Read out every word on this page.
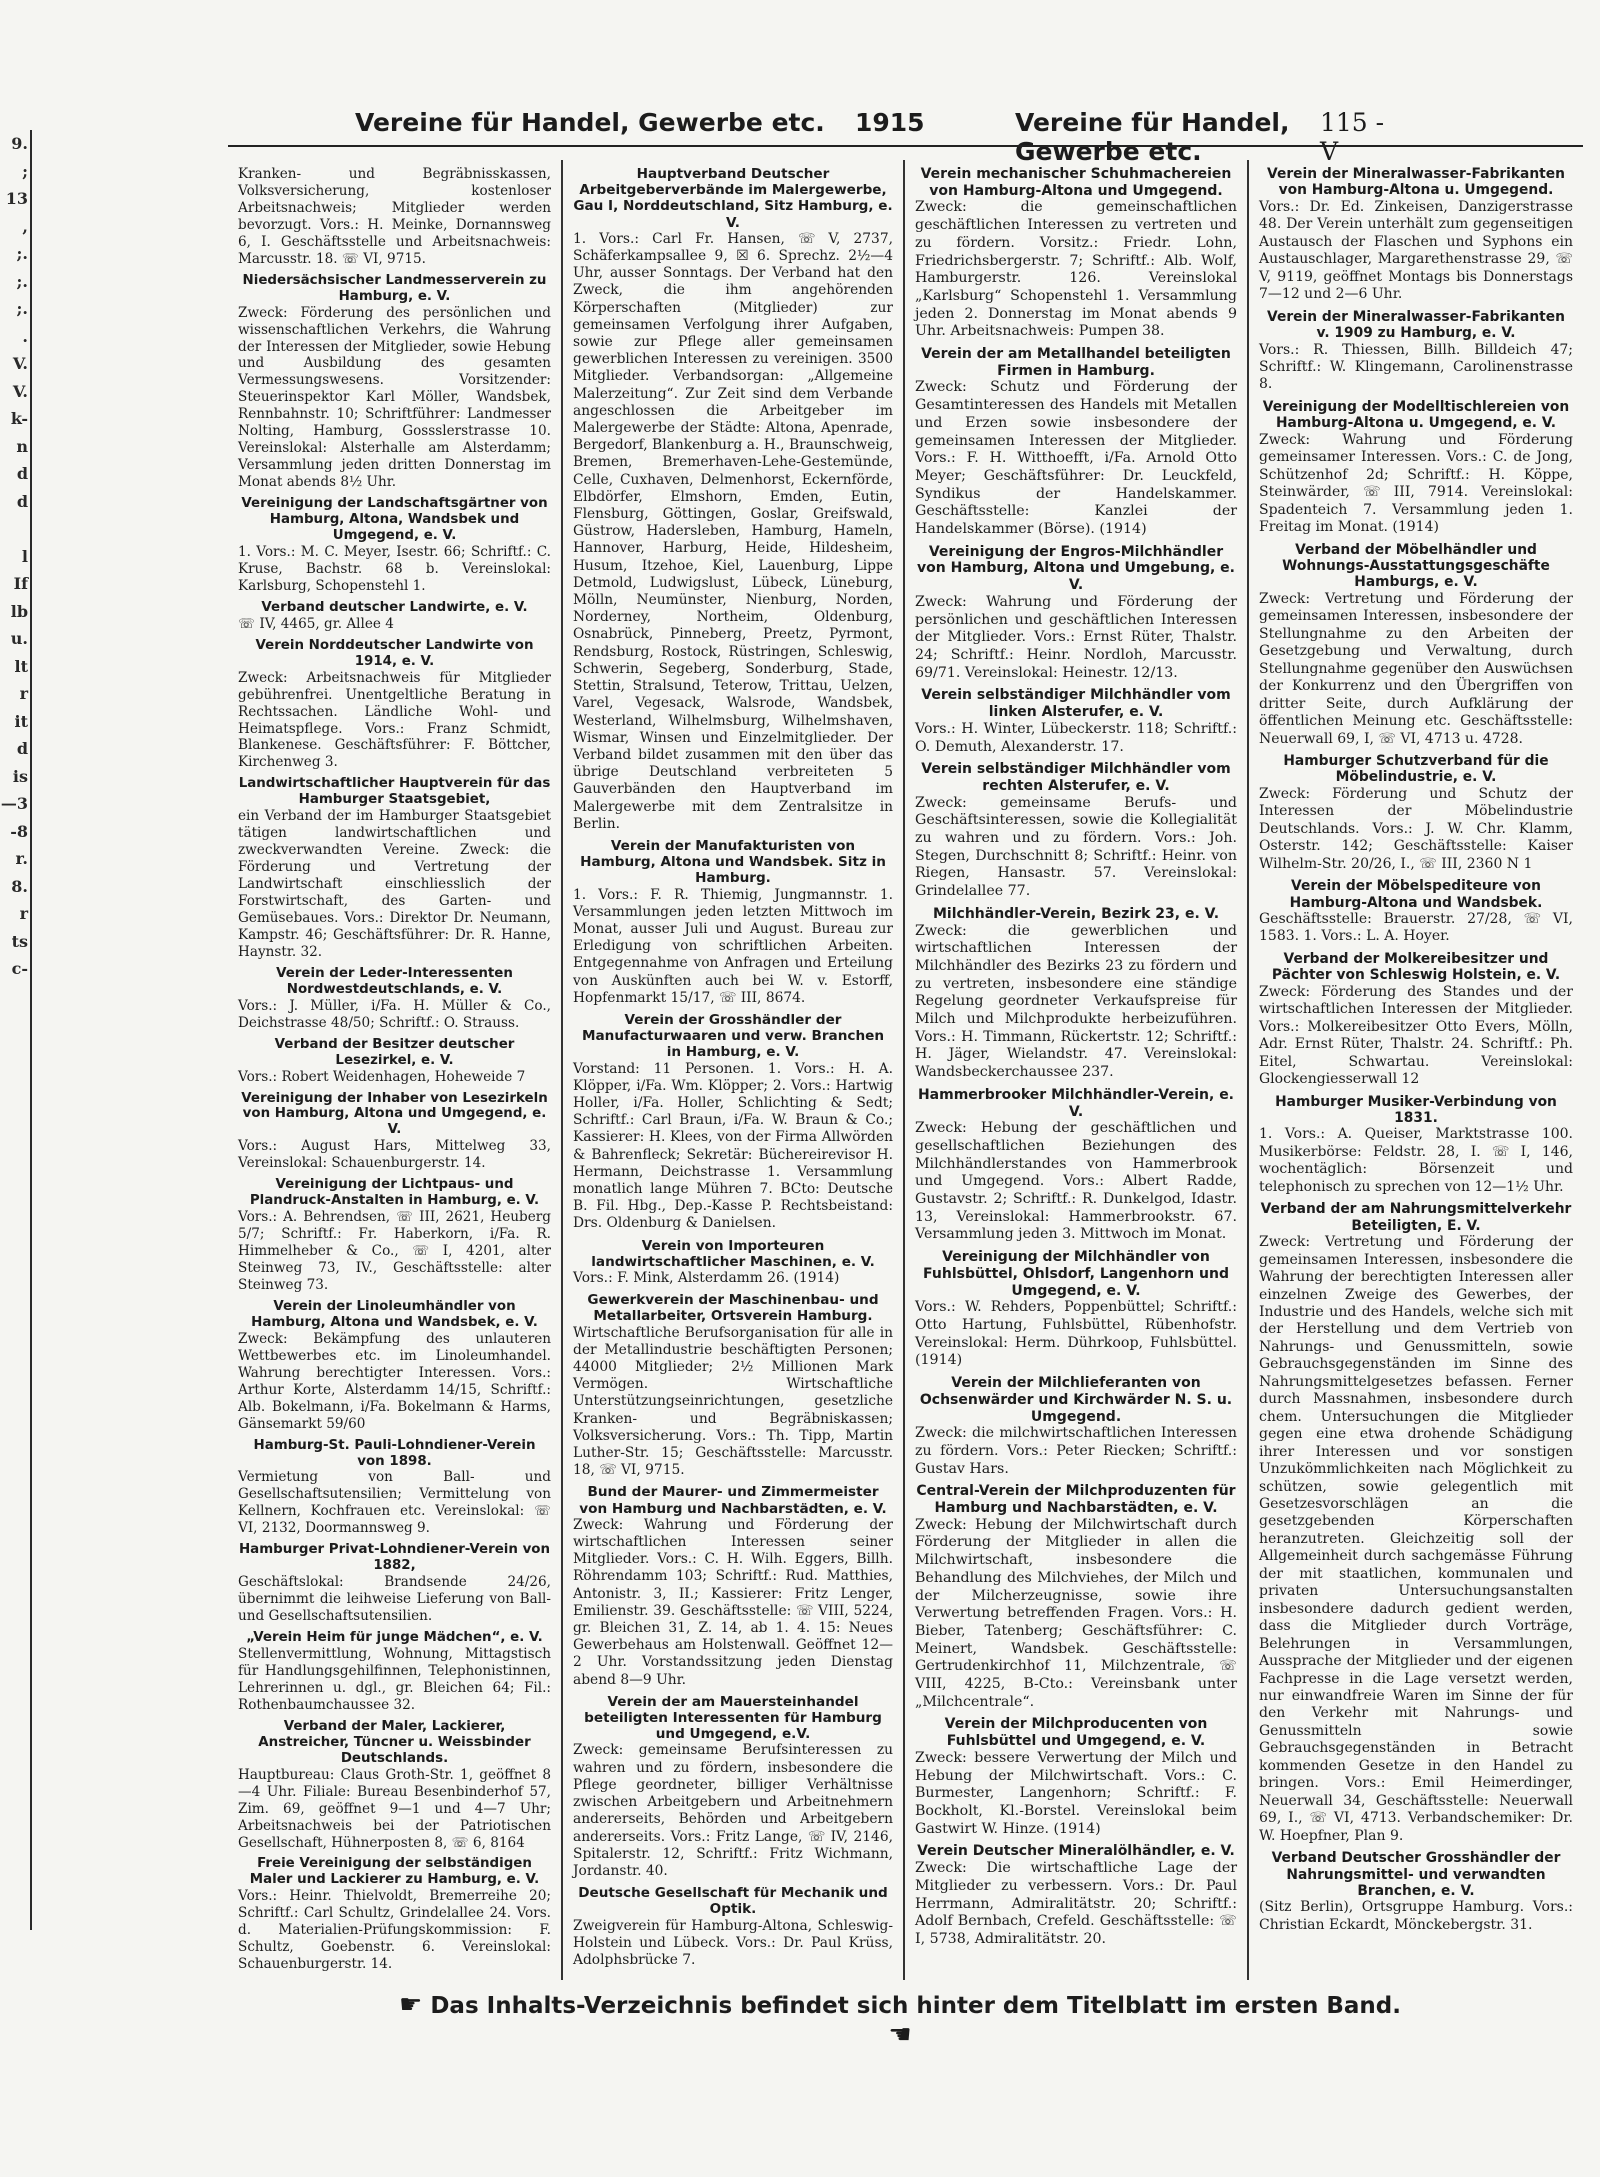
9.
;
13
,
;.
;.
;.
.
V.
V.
k-
n
d
d

l
If
lb
u.
lt
r
it
d
is
—3
-8
r.
8.
r
ts
c-

Vereine für Handel, Gewerbe etc. 1915	Vereine für Handel, Gewerbe etc.
115 -V
Kranken- und Begräbnisskassen, Volksversicherung, kostenloser Arbeitsnachweis; Mitglieder werden bevorzugt. Vors.: H. Meinke, Dornannsweg 6, I. Geschäftsstelle und Arbeitsnachweis: Marcusstr. 18. ☏ VI, 9715.
Niedersächsischer Landmesserverein zu Hamburg, e. V.
Zweck: Förderung des persönlichen und wissenschaftlichen Verkehrs, die Wahrung der Interessen der Mitglieder, sowie Hebung und Ausbildung des gesamten Vermessungswesens. Vorsitzender: Steuerinspektor Karl Möller, Wandsbek, Rennbahnstr. 10; Schriftführer: Landmesser Nolting, Hamburg, Gossslerstrasse 10. Vereinslokal: Alsterhalle am Alsterdamm; Versammlung jeden dritten Donnerstag im Monat abends 8½ Uhr.
Vereinigung der Landschaftsgärtner von Hamburg, Altona, Wandsbek und Umgegend, e. V.
1. Vors.: M. C. Meyer, Isestr. 66; Schriftf.: C. Kruse, Bachstr. 68 b. Vereinslokal: Karlsburg, Schopenstehl 1.
Verband deutscher Landwirte, e. V.
☏ IV, 4465, gr. Allee 4
Verein Norddeutscher Landwirte von 1914, e. V.
Zweck: Arbeitsnachweis für Mitglieder gebührenfrei. Unentgeltliche Beratung in Rechtssachen. Ländliche Wohl- und Heimatspflege. Vors.: Franz Schmidt, Blankenese. Geschäftsführer: F. Böttcher, Kirchenweg 3.
Landwirtschaftlicher Hauptverein für das Hamburger Staatsgebiet,
ein Verband der im Hamburger Staatsgebiet tätigen landwirtschaftlichen und zweckverwandten Vereine. Zweck: die Förderung und Vertretung der Landwirtschaft einschliesslich der Forstwirtschaft, des Garten- und Gemüsebaues. Vors.: Direktor Dr. Neumann, Kampstr. 46; Geschäftsführer: Dr. R. Hanne, Haynstr. 32.
Verein der Leder-Interessenten Nordwestdeutschlands, e. V.
Vors.: J. Müller, i/Fa. H. Müller & Co., Deichstrasse 48/50; Schriftf.: O. Strauss.
Verband der Besitzer deutscher Lesezirkel, e. V.
Vors.: Robert Weidenhagen, Hoheweide 7
Vereinigung der Inhaber von Lesezirkeln von Hamburg, Altona und Umgegend, e. V.
Vors.: August Hars, Mittelweg 33, Vereinslokal: Schauenburgerstr. 14.
Vereinigung der Lichtpaus- und Plandruck-Anstalten in Hamburg, e. V.
Vors.: A. Behrendsen, ☏ III, 2621, Heuberg 5/7; Schriftf.: Fr. Haberkorn, i/Fa. R. Himmelheber & Co., ☏ I, 4201, alter Steinweg 73, IV., Geschäftsstelle: alter Steinweg 73.
Verein der Linoleumhändler von Hamburg, Altona und Wandsbek, e. V.
Zweck: Bekämpfung des unlauteren Wettbewerbes etc. im Linoleumhandel. Wahrung berechtigter Interessen. Vors.: Arthur Korte, Alsterdamm 14/15, Schriftf.: Alb. Bokelmann, i/Fa. Bokelmann & Harms, Gänsemarkt 59/60
Hamburg-St. Pauli-Lohndiener-Verein von 1898.
Vermietung von Ball- und Gesellschaftsutensilien; Vermittelung von Kellnern, Kochfrauen etc. Vereinslokal: ☏ VI, 2132, Doormannsweg 9.
Hamburger Privat-Lohndiener-Verein von 1882,
Geschäftslokal: Brandsende 24/26, übernimmt die leihweise Lieferung von Ball- und Gesellschaftsutensilien.
„Verein Heim für junge Mädchen“, e. V.
Stellenvermittlung, Wohnung, Mittagstisch für Handlungsgehilfinnen, Telephonistinnen, Lehrerinnen u. dgl., gr. Bleichen 64; Fil.: Rothenbaumchaussee 32.
Verband der Maler, Lackierer, Anstreicher, Tüncner u. Weissbinder Deutschlands.
Hauptbureau: Claus Groth-Str. 1, geöffnet 8—4 Uhr. Filiale: Bureau Besenbinderhof 57, Zim. 69, geöffnet 9—1 und 4—7 Uhr; Arbeitsnachweis bei der Patriotischen Gesellschaft, Hühnerposten 8, ☏ 6, 8164
Freie Vereinigung der selbständigen Maler und Lackierer zu Hamburg, e. V.
Vors.: Heinr. Thielvoldt, Bremerreihe 20; Schriftf.: Carl Schultz, Grindelallee 24. Vors. d. Materialien-Prüfungskommission: F. Schultz, Goebenstr. 6. Vereinslokal: Schauenburgerstr. 14.
Hauptverband Deutscher Arbeitgeberverbände im Malergewerbe, Gau I, Norddeutschland, Sitz Hamburg, e. V.
1. Vors.: Carl Fr. Hansen, ☏ V, 2737, Schäferkampsallee 9, ☒ 6. Sprechz. 2½—4 Uhr, ausser Sonntags. Der Verband hat den Zweck, die ihm angehörenden Körperschaften (Mitglieder) zur gemeinsamen Verfolgung ihrer Aufgaben, sowie zur Pflege aller gemeinsamen gewerblichen Interessen zu vereinigen. 3500 Mitglieder. Verbandsorgan: „Allgemeine Malerzeitung“. Zur Zeit sind dem Verbande angeschlossen die Arbeitgeber im Malergewerbe der Städte: Altona, Apenrade, Bergedorf, Blankenburg a. H., Braunschweig, Bremen, Bremerhaven-Lehe-Gestemünde, Celle, Cuxhaven, Delmenhorst, Eckernförde, Elbdörfer, Elmshorn, Emden, Eutin, Flensburg, Göttingen, Goslar, Greifswald, Güstrow, Hadersleben, Hamburg, Hameln, Hannover, Harburg, Heide, Hildesheim, Husum, Itzehoe, Kiel, Lauenburg, Lippe Detmold, Ludwigslust, Lübeck, Lüneburg, Mölln, Neumünster, Nienburg, Norden, Norderney, Northeim, Oldenburg, Osnabrück, Pinneberg, Preetz, Pyrmont, Rendsburg, Rostock, Rüstringen, Schleswig, Schwerin, Segeberg, Sonderburg, Stade, Stettin, Stralsund, Teterow, Trittau, Uelzen, Varel, Vegesack, Walsrode, Wandsbek, Westerland, Wilhelmsburg, Wilhelmshaven, Wismar, Winsen und Einzelmitglieder. Der Verband bildet zusammen mit den über das übrige Deutschland verbreiteten 5 Gauverbänden den Hauptverband im Malergewerbe mit dem Zentralsitze in Berlin.
Verein der Manufakturisten von Hamburg, Altona und Wandsbek. Sitz in Hamburg.
1. Vors.: F. R. Thiemig, Jungmannstr. 1. Versammlungen jeden letzten Mittwoch im Monat, ausser Juli und August. Bureau zur Erledigung von schriftlichen Arbeiten. Entgegennahme von Anfragen und Erteilung von Auskünften auch bei W. v. Estorff, Hopfenmarkt 15/17, ☏ III, 8674.
Verein der Grosshändler der Manufacturwaaren und verw. Branchen in Hamburg, e. V.
Vorstand: 11 Personen. 1. Vors.: H. A. Klöpper, i/Fa. Wm. Klöpper; 2. Vors.: Hartwig Holler, i/Fa. Holler, Schlichting & Sedt; Schriftf.: Carl Braun, i/Fa. W. Braun & Co.; Kassierer: H. Klees, von der Firma Allwörden & Bahrenfleck; Sekretär: Büchereirevisor H. Hermann, Deichstrasse 1. Versammlung monatlich lange Mühren 7. BCto: Deutsche B. Fil. Hbg., Dep.-Kasse P. Rechtsbeistand: Drs. Oldenburg & Danielsen.
Verein von Importeuren landwirtschaftlicher Maschinen, e. V.
Vors.: F. Mink, Alsterdamm 26. (1914)
Gewerkverein der Maschinenbau- und Metallarbeiter, Ortsverein Hamburg.
Wirtschaftliche Berufsorganisation für alle in der Metallindustrie beschäftigten Personen; 44000 Mitglieder; 2½ Millionen Mark Vermögen. Wirtschaftliche Unterstützungseinrichtungen, gesetzliche Kranken- und Begräbniskassen; Volksversicherung. Vors.: Th. Tipp, Martin Luther-Str. 15; Geschäftsstelle: Marcusstr. 18, ☏ VI, 9715.
Bund der Maurer- und Zimmermeister von Hamburg und Nachbarstädten, e. V.
Zweck: Wahrung und Förderung der wirtschaftlichen Interessen seiner Mitglieder. Vors.: C. H. Wilh. Eggers, Billh. Röhrendamm 103; Schriftf.: Rud. Matthies, Antonistr. 3, II.; Kassierer: Fritz Lenger, Emilienstr. 39. Geschäftsstelle: ☏ VIII, 5224, gr. Bleichen 31, Z. 14, ab 1. 4. 15: Neues Gewerbehaus am Holstenwall. Geöffnet 12—2 Uhr. Vorstandssitzung jeden Dienstag abend 8—9 Uhr.
Verein der am Mauersteinhandel beteiligten Interessenten für Hamburg und Umgegend, e.V.
Zweck: gemeinsame Berufsinteressen zu wahren und zu fördern, insbesondere die Pflege geordneter, billiger Verhältnisse zwischen Arbeitgebern und Arbeitnehmern andererseits, Behörden und Arbeitgebern andererseits. Vors.: Fritz Lange, ☏ IV, 2146, Spitalerstr. 12, Schriftf.: Fritz Wichmann, Jordanstr. 40.
Deutsche Gesellschaft für Mechanik und Optik.
Zweigverein für Hamburg-Altona, Schleswig-Holstein und Lübeck. Vors.: Dr. Paul Krüss, Adolphsbrücke 7.
Verein mechanischer Schuhmachereien von Hamburg-Altona und Umgegend.
Zweck: die gemeinschaftlichen geschäftlichen Interessen zu vertreten und zu fördern. Vorsitz.: Friedr. Lohn, Friedrichsbergerstr. 7; Schriftf.: Alb. Wolf, Hamburgerstr. 126. Vereinslokal „Karlsburg“ Schopenstehl 1. Versammlung jeden 2. Donnerstag im Monat abends 9 Uhr. Arbeitsnachweis: Pumpen 38.
Verein der am Metallhandel beteiligten Firmen in Hamburg.
Zweck: Schutz und Förderung der Gesamtinteressen des Handels mit Metallen und Erzen sowie insbesondere der gemeinsamen Interessen der Mitglieder. Vors.: F. H. Witthoefft, i/Fa. Arnold Otto Meyer; Geschäftsführer: Dr. Leuckfeld, Syndikus der Handelskammer. Geschäftsstelle: Kanzlei der Handelskammer (Börse). (1914)
Vereinigung der Engros-Milchhändler von Hamburg, Altona und Umgebung, e. V.
Zweck: Wahrung und Förderung der persönlichen und geschäftlichen Interessen der Mitglieder. Vors.: Ernst Rüter, Thalstr. 24; Schriftf.: Heinr. Nordloh, Marcusstr. 69/71. Vereinslokal: Heinestr. 12/13.
Verein selbständiger Milchhändler vom linken Alsterufer, e. V.
Vors.: H. Winter, Lübeckerstr. 118; Schriftf.: O. Demuth, Alexanderstr. 17.
Verein selbständiger Milchhändler vom rechten Alsterufer, e. V.
Zweck: gemeinsame Berufs- und Geschäftsinteressen, sowie die Kollegialität zu wahren und zu fördern. Vors.: Joh. Stegen, Durchschnitt 8; Schriftf.: Heinr. von Riegen, Hansastr. 57. Vereinslokal: Grindelallee 77.
Milchhändler-Verein, Bezirk 23, e. V.
Zweck: die gewerblichen und wirtschaftlichen Interessen der Milchhändler des Bezirks 23 zu fördern und zu vertreten, insbesondere eine ständige Regelung geordneter Verkaufspreise für Milch und Milchprodukte herbeizuführen. Vors.: H. Timmann, Rückertstr. 12; Schriftf.: H. Jäger, Wielandstr. 47. Vereinslokal: Wandsbeckerchaussee 237.
Hammerbrooker Milchhändler-Verein, e. V.
Zweck: Hebung der geschäftlichen und gesellschaftlichen Beziehungen des Milchhändlerstandes von Hammerbrook und Umgegend. Vors.: Albert Radde, Gustavstr. 2; Schriftf.: R. Dunkelgod, Idastr. 13, Vereinslokal: Hammerbrookstr. 67. Versammlung jeden 3. Mittwoch im Monat.
Vereinigung der Milchhändler von Fuhlsbüttel, Ohlsdorf, Langenhorn und Umgegend, e. V.
Vors.: W. Rehders, Poppenbüttel; Schriftf.: Otto Hartung, Fuhlsbüttel, Rübenhofstr. Vereinslokal: Herm. Dührkoop, Fuhlsbüttel. (1914)
Verein der Milchlieferanten von Ochsenwärder und Kirchwärder N. S. u. Umgegend.
Zweck: die milchwirtschaftlichen Interessen zu fördern. Vors.: Peter Riecken; Schriftf.: Gustav Hars.
Central-Verein der Milchproduzenten für Hamburg und Nachbarstädten, e. V.
Zweck: Hebung der Milchwirtschaft durch Förderung der Mitglieder in allen die Milchwirtschaft, insbesondere die Behandlung des Milchviehes, der Milch und der Milcherzeugnisse, sowie ihre Verwertung betreffenden Fragen. Vors.: H. Bieber, Tatenberg; Geschäftsführer: C. Meinert, Wandsbek. Geschäftsstelle: Gertrudenkirchhof 11, Milchzentrale, ☏ VIII, 4225, B-Cto.: Vereinsbank unter „Milchcentrale“.
Verein der Milchproducenten von Fuhlsbüttel und Umgegend, e. V.
Zweck: bessere Verwertung der Milch und Hebung der Milchwirtschaft. Vors.: C. Burmester, Langenhorn; Schriftf.: F. Bockholt, Kl.-Borstel. Vereinslokal beim Gastwirt W. Hinze. (1914)
Verein Deutscher Mineralölhändler, e. V.
Zweck: Die wirtschaftliche Lage der Mitglieder zu verbessern. Vors.: Dr. Paul Herrmann, Admiralitätstr. 20; Schriftf.: Adolf Bernbach, Crefeld. Geschäftsstelle: ☏ I, 5738, Admiralitätstr. 20.
Verein der Mineralwasser-Fabrikanten von Hamburg-Altona u. Umgegend.
Vors.: Dr. Ed. Zinkeisen, Danzigerstrasse 48. Der Verein unterhält zum gegenseitigen Austausch der Flaschen und Syphons ein Austauschlager, Margarethenstrasse 29, ☏ V, 9119, geöffnet Montags bis Donnerstags 7—12 und 2—6 Uhr.
Verein der Mineralwasser-Fabrikanten v. 1909 zu Hamburg, e. V.
Vors.: R. Thiessen, Billh. Billdeich 47; Schriftf.: W. Klingemann, Carolinenstrasse 8.
Vereinigung der Modelltischlereien von Hamburg-Altona u. Umgegend, e. V.
Zweck: Wahrung und Förderung gemeinsamer Interessen. Vors.: C. de Jong, Schützenhof 2d; Schriftf.: H. Köppe, Steinwärder, ☏ III, 7914. Vereinslokal: Spadenteich 7. Versammlung jeden 1. Freitag im Monat. (1914)
Verband der Möbelhändler und Wohnungs-Ausstattungsgeschäfte Hamburgs, e. V.
Zweck: Vertretung und Förderung der gemeinsamen Interessen, insbesondere der Stellungnahme zu den Arbeiten der Gesetzgebung und Verwaltung, durch Stellungnahme gegenüber den Auswüchsen der Konkurrenz und den Übergriffen von dritter Seite, durch Aufklärung der öffentlichen Meinung etc. Geschäftsstelle: Neuerwall 69, I, ☏ VI, 4713 u. 4728.
Hamburger Schutzverband für die Möbelindustrie, e. V.
Zweck: Förderung und Schutz der Interessen der Möbelindustrie Deutschlands. Vors.: J. W. Chr. Klamm, Osterstr. 142; Geschäftsstelle: Kaiser Wilhelm-Str. 20/26, I., ☏ III, 2360 N 1
Verein der Möbelspediteure von Hamburg-Altona und Wandsbek.
Geschäftsstelle: Brauerstr. 27/28, ☏ VI, 1583. 1. Vors.: L. A. Hoyer.
Verband der Molkereibesitzer und Pächter von Schleswig Holstein, e. V.
Zweck: Förderung des Standes und der wirtschaftlichen Interessen der Mitglieder. Vors.: Molkereibesitzer Otto Evers, Mölln, Adr. Ernst Rüter, Thalstr. 24. Schriftf.: Ph. Eitel, Schwartau. Vereinslokal: Glockengiesserwall 12
Hamburger Musiker-Verbindung von 1831.
1. Vors.: A. Queiser, Marktstrasse 100. Musikerbörse: Feldstr. 28, I. ☏ I, 146, wochentäglich: Börsenzeit und telephonisch zu sprechen von 12—1½ Uhr.
Verband der am Nahrungsmittelverkehr Beteiligten, E. V.
Zweck: Vertretung und Förderung der gemeinsamen Interessen, insbesondere die Wahrung der berechtigten Interessen aller einzelnen Zweige des Gewerbes, der Industrie und des Handels, welche sich mit der Herstellung und dem Vertrieb von Nahrungs- und Genussmitteln, sowie Gebrauchsgegenständen im Sinne des Nahrungsmittelgesetzes befassen. Ferner durch Massnahmen, insbesondere durch chem. Untersuchungen die Mitglieder gegen eine etwa drohende Schädigung ihrer Interessen und vor sonstigen Unzukömmlichkeiten nach Möglichkeit zu schützen, sowie gelegentlich mit Gesetzesvorschlägen an die gesetzgebenden Körperschaften heranzutreten. Gleichzeitig soll der Allgemeinheit durch sachgemässe Führung der mit staatlichen, kommunalen und privaten Untersuchungsanstalten insbesondere dadurch gedient werden, dass die Mitglieder durch Vorträge, Belehrungen in Versammlungen, Aussprache der Mitglieder und der eigenen Fachpresse in die Lage versetzt werden, nur einwandfreie Waren im Sinne der für den Verkehr mit Nahrungs- und Genussmitteln sowie Gebrauchsgegenständen in Betracht kommenden Gesetze in den Handel zu bringen. Vors.: Emil Heimerdinger, Neuerwall 34, Geschäftsstelle: Neuerwall 69, I., ☏ VI, 4713. Verbandschemiker: Dr. W. Hoepfner, Plan 9.
Verband Deutscher Grosshändler der Nahrungsmittel- und verwandten Branchen, e. V.
(Sitz Berlin), Ortsgruppe Hamburg. Vors.: Christian Eckardt, Mönckebergstr. 31.
☛ Das Inhalts-Verzeichnis befindet sich hinter dem Titelblatt im ersten Band. ☚
